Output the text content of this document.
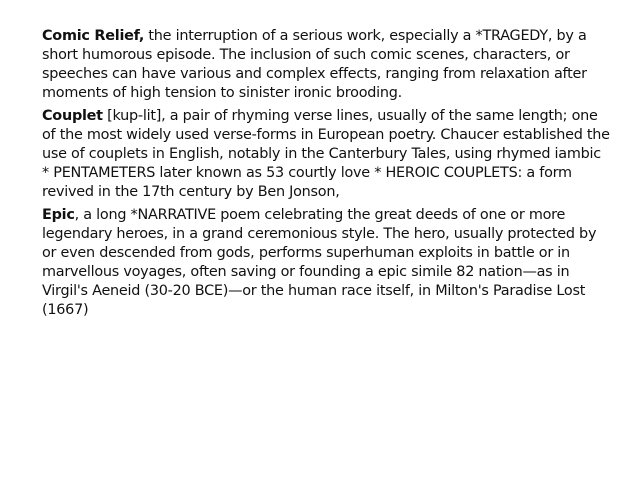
Comic Relief, the interruption of a serious work, especially a *TRAGEDY, by a short humorous episode. The inclusion of such comic scenes, characters, or speeches can have various and complex effects, ranging from relaxation after moments of high tension to sinister ironic brooding.

Couplet [kup-lit], a pair of rhyming verse lines, usually of the same length; one of the most widely used verse-forms in European poetry. Chaucer established the use of couplets in English, notably in the Canterbury Tales, using rhymed iambic * PENTAMETERS later known as 53 courtly love * HEROIC COUPLETS: a form revived in the 17th century by Ben Jonson,

Epic, a long *NARRATIVE poem celebrating the great deeds of one or more legendary heroes, in a grand ceremonious style. The hero, usually protected by or even descended from gods, performs superhuman exploits in battle or in marvellous voyages, often saving or founding a epic simile 82 nation—as in Virgil's Aeneid (30-20 BCE)—or the human race itself, in Milton's Paradise Lost (1667)
